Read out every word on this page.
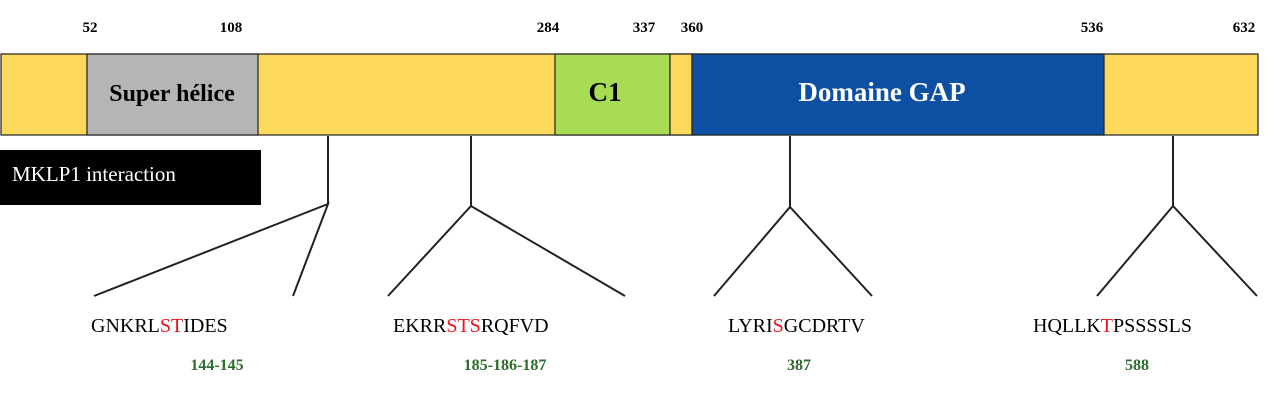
52	108	284	337 360	536	632
Super hélice	C1	Domaine GAP
MKLP1 interaction
GNKRLSTIDES
144-145
EKRRSTSRQFVD
185-186-187
LYRISGCDRTV
387
HQLLKTPSSSSLS
588
